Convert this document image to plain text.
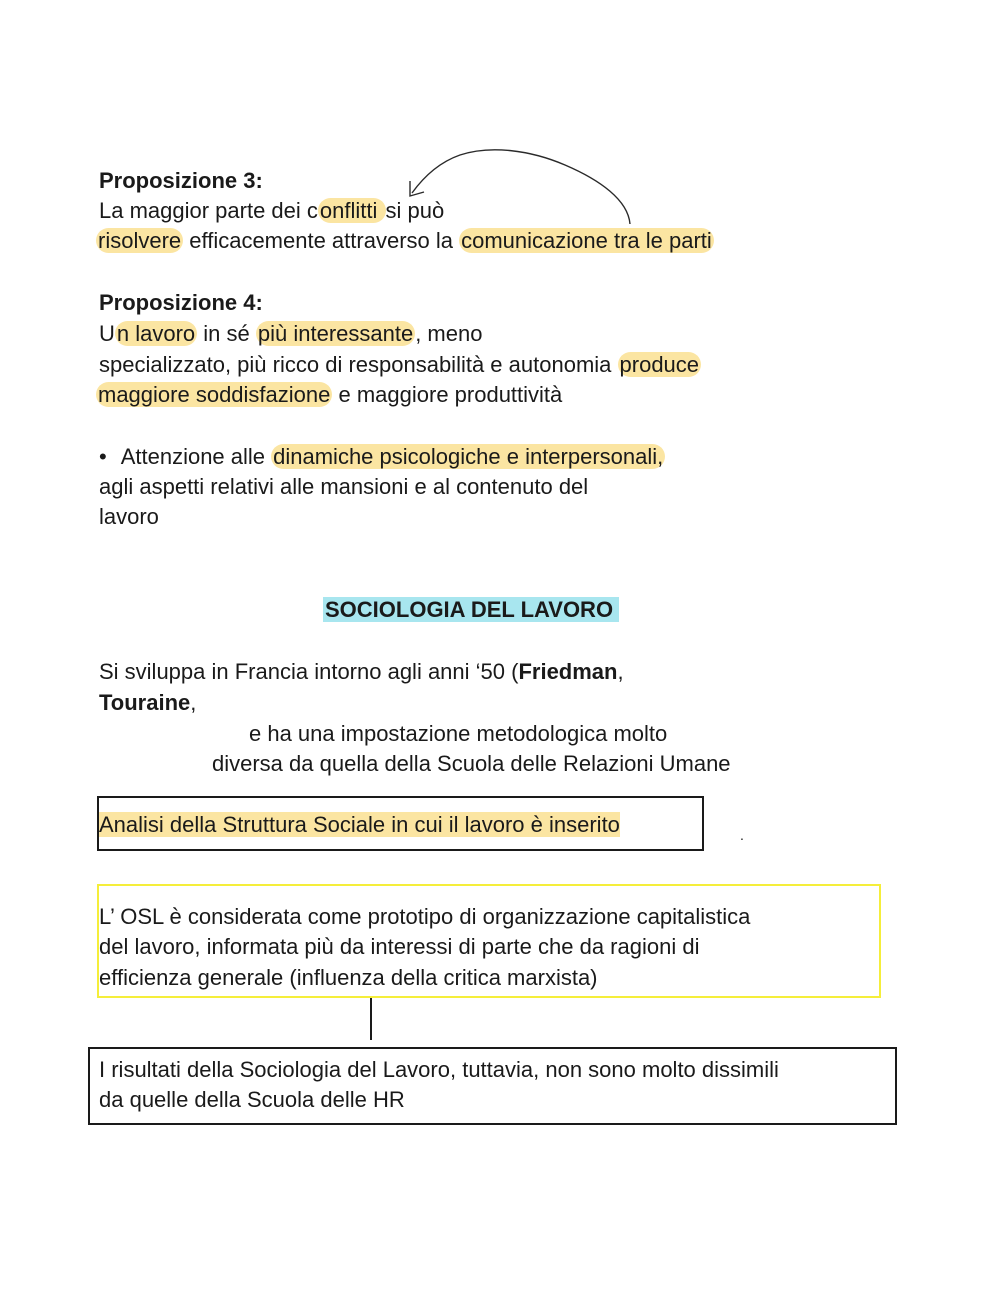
Proposizione 3:
La maggior parte dei conflitti si può
risolvere efficacemente attraverso la comunicazione tra le parti
Proposizione 4:
Un lavoro in sé più interessante, meno
specializzato, più ricco di responsabilità e autonomia produce
maggiore soddisfazione e maggiore produttività
• Attenzione alle dinamiche psicologiche e interpersonali,
agli aspetti relativi alle mansioni e al contenuto del
lavoro
SOCIOLOGIA DEL LAVORO
Si sviluppa in Francia intorno agli anni ‘50 (Friedman,
Touraine,
e ha una impostazione metodologica molto
diversa da quella della Scuola delle Relazioni Umane
Analisi della Struttura Sociale in cui il lavoro è inserito	.
L’ OSL è considerata come prototipo di organizzazione capitalistica
del lavoro, informata più da interessi di parte che da ragioni di
efficienza generale (influenza della critica marxista)
I risultati della Sociologia del Lavoro, tuttavia, non sono molto dissimili
da quelle della Scuola delle HR
